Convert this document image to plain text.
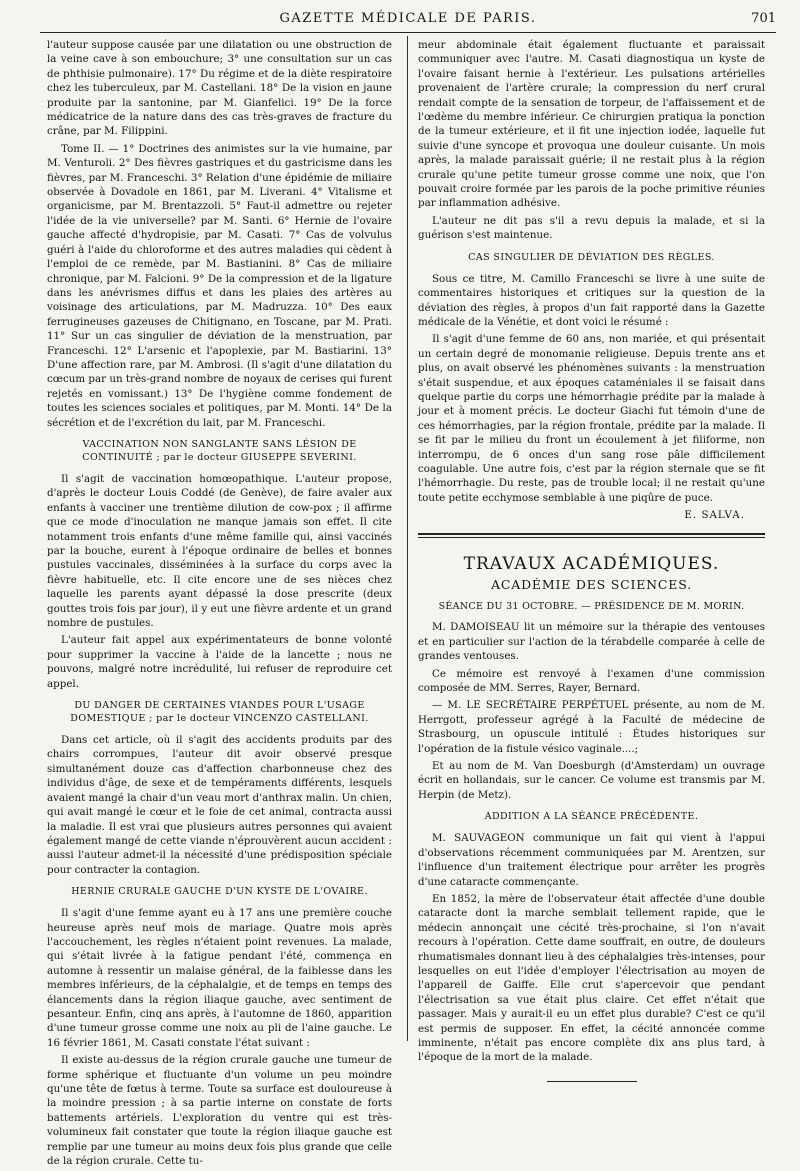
GAZETTE MÉDICALE DE PARIS.	701

l'auteur suppose causée par une dilatation ou une obstruction de la veine cave à son embouchure; 3° une consultation sur un cas de phthisie pulmonaire). 17° Du régime et de la diète respiratoire chez les tuberculeux, par M. Castellani. 18° De la vision en jaune produite par la santonine, par M. Gianfelici. 19° De la force médicatrice de la nature dans des cas très-graves de fracture du crâne, par M. Filippini.

Tome II. — 1° Doctrines des animistes sur la vie humaine, par M. Venturoli. 2° Des fièvres gastriques et du gastricisme dans les fièvres, par M. Franceschi. 3° Relation d'une épidémie de miliaire observée à Dovadole en 1861, par M. Liverani. 4° Vitalisme et organicisme, par M. Brentazzoli. 5° Faut-il admettre ou rejeter l'idée de la vie universelle? par M. Santi. 6° Hernie de l'ovaire gauche affecté d'hydropisie, par M. Casati. 7° Cas de volvulus guéri à l'aide du chloroforme et des autres maladies qui cèdent à l'emploi de ce remède, par M. Bastianini. 8° Cas de miliaire chronique, par M. Falcioni. 9° De la compression et de la ligature dans les anévrismes diffus et dans les plaies des artères au voisinage des articulations, par M. Madruzza. 10° Des eaux ferrugineuses gazeuses de Chitignano, en Toscane, par M. Prati. 11° Sur un cas singulier de déviation de la menstruation, par Franceschi. 12° L'arsenic et l'apoplexie, par M. Bastiarini. 13° D'une affection rare, par M. Ambrosi. (Il s'agit d'une dilatation du cœcum par un très-grand nombre de noyaux de cerises qui furent rejetés en vomissant.) 13° De l'hygiène comme fondement de toutes les sciences sociales et politiques, par M. Monti. 14° De la sécrétion et de l'excrétion du lait, par M. Franceschi.

VACCINATION NON SANGLANTE SANS LÉSION DE CONTINUITÉ ; par le docteur GIUSEPPE SEVERINI.

Il s'agit de vaccination homœopathique. L'auteur propose, d'après le docteur Louis Coddé (de Genève), de faire avaler aux enfants à vacciner une trentième dilution de cow-pox ; il affirme que ce mode d'inoculation ne manque jamais son effet. Il cite notamment trois enfants d'une même famille qui, ainsi vaccinés par la bouche, eurent à l'époque ordinaire de belles et bonnes pustules vaccinales, disséminées à la surface du corps avec la fièvre habituelle, etc. Il cite encore une de ses nièces chez laquelle les parents ayant dépassé la dose prescrite (deux gouttes trois fois par jour), il y eut une fièvre ardente et un grand nombre de pustules.

L'auteur fait appel aux expérimentateurs de bonne volonté pour supprimer la vaccine à l'aide de la lancette ; nous ne pouvons, malgré notre incrédulité, lui refuser de reproduire cet appel.

DU DANGER DE CERTAINES VIANDES POUR L'USAGE DOMESTIQUE ; par le docteur VINCENZO CASTELLANI.

Dans cet article, où il s'agit des accidents produits par des chairs corrompues, l'auteur dit avoir observé presque simultanément douze cas d'affection charbonneuse chez des individus d'âge, de sexe et de tempéraments différents, lesquels avaient mangé la chair d'un veau mort d'anthrax malin. Un chien, qui avait mangé le cœur et le foie de cet animal, contracta aussi la maladie. Il est vrai que plusieurs autres personnes qui avaient également mangé de cette viande n'éprouvèrent aucun accident : aussi l'auteur admet-il la nécessité d'une prédisposition spéciale pour contracter la contagion.

HERNIE CRURALE GAUCHE D'UN KYSTE DE L'OVAIRE.

Il s'agit d'une femme ayant eu à 17 ans une première couche heureuse après neuf mois de mariage. Quatre mois après l'accouchement, les règles n'étaient point revenues. La malade, qui s'était livrée à la fatigue pendant l'été, commença en automne à ressentir un malaise général, de la faiblesse dans les membres inférieurs, de la céphalalgie, et de temps en temps des élancements dans la région iliaque gauche, avec sentiment de pesanteur. Enfin, cinq ans après, à l'automne de 1860, apparition d'une tumeur grosse comme une noix au pli de l'aine gauche. Le 16 février 1861, M. Casati constate l'état suivant :

Il existe au-dessus de la région crurale gauche une tumeur de forme sphérique et fluctuante d'un volume un peu moindre qu'une tête de fœtus à terme. Toute sa surface est douloureuse à la moindre pression ; à sa partie interne on constate de forts battements artériels. L'exploration du ventre qui est très-volumineux fait constater que toute la région iliaque gauche est remplie par une tumeur au moins deux fois plus grande que celle de la région crurale. Cette tu-

meur abdominale était également fluctuante et paraissait communiquer avec l'autre. M. Casati diagnostiqua un kyste de l'ovaire faisant hernie à l'extérieur. Les pulsations artérielles provenaient de l'artère crurale; la compression du nerf crural rendait compte de la sensation de torpeur, de l'affaissement et de l'œdème du membre inférieur. Ce chirurgien pratiqua la ponction de la tumeur extérieure, et il fit une injection iodée, laquelle fut suivie d'une syncope et provoqua une douleur cuisante. Un mois après, la malade paraissait guérie; il ne restait plus à la région crurale qu'une petite tumeur grosse comme une noix, que l'on pouvait croire formée par les parois de la poche primitive réunies par inflammation adhésive.

L'auteur ne dit pas s'il a revu depuis la malade, et si la guérison s'est maintenue.

CAS SINGULIER DE DÉVIATION DES RÈGLES.

Sous ce titre, M. Camillo Franceschi se livre à une suite de commentaires historiques et critiques sur la question de la déviation des règles, à propos d'un fait rapporté dans la Gazette médicale de la Vénétie, et dont voici le résumé :

Il s'agit d'une femme de 60 ans, non mariée, et qui présentait un certain degré de monomanie religieuse. Depuis trente ans et plus, on avait observé les phénomènes suivants : la menstruation s'était suspendue, et aux époques cataméniales il se faisait dans quelque partie du corps une hémorrhagie prédite par la malade à jour et à moment précis. Le docteur Giachi fut témoin d'une de ces hémorrhagies, par la région frontale, prédite par la malade. Il se fit par le milieu du front un écoulement à jet filiforme, non interrompu, de 6 onces d'un sang rose pâle difficilement coagulable. Une autre fois, c'est par la région sternale que se fit l'hémorrhagie. Du reste, pas de trouble local; il ne restait qu'une toute petite ecchymose semblable à une piqûre de puce.

E. SALVA.
TRAVAUX ACADÉMIQUES.
ACADÉMIE DES SCIENCES.
SÉANCE DU 31 OCTOBRE. — PRÉSIDENCE DE M. MORIN.

M. DAMOISEAU lit un mémoire sur la thérapie des ventouses et en particulier sur l'action de la térabdelle comparée à celle de grandes ventouses.

Ce mémoire est renvoyé à l'examen d'une commission composée de MM. Serres, Rayer, Bernard.

— M. LE SECRÉTAIRE PERPÉTUEL présente, au nom de M. Herrgott, professeur agrégé à la Faculté de médecine de Strasbourg, un opuscule intitulé : Études historiques sur l'opération de la fistule vésico vaginale....;

Et au nom de M. Van Doesburgh (d'Amsterdam) un ouvrage écrit en hollandais, sur le cancer. Ce volume est transmis par M. Herpin (de Metz).

ADDITION A LA SÉANCE PRÉCÉDENTE.

M. SAUVAGEON communique un fait qui vient à l'appui d'observations récemment communiquées par M. Arentzen, sur l'influence d'un traitement électrique pour arrêter les progrès d'une cataracte commençante.

En 1852, la mère de l'observateur était affectée d'une double cataracte dont la marche semblait tellement rapide, que le médecin annonçait une cécité très-prochaine, si l'on n'avait recours à l'opération. Cette dame souffrait, en outre, de douleurs rhumatismales donnant lieu à des céphalalgies très-intenses, pour lesquelles on eut l'idée d'employer l'électrisation au moyen de l'appareil de Gaiffe. Elle crut s'apercevoir que pendant l'électrisation sa vue était plus claire. Cet effet n'était que passager. Mais y aurait-il eu un effet plus durable? C'est ce qu'il est permis de supposer. En effet, la cécité annoncée comme imminente, n'était pas encore complète dix ans plus tard, à l'époque de la mort de la malade.
